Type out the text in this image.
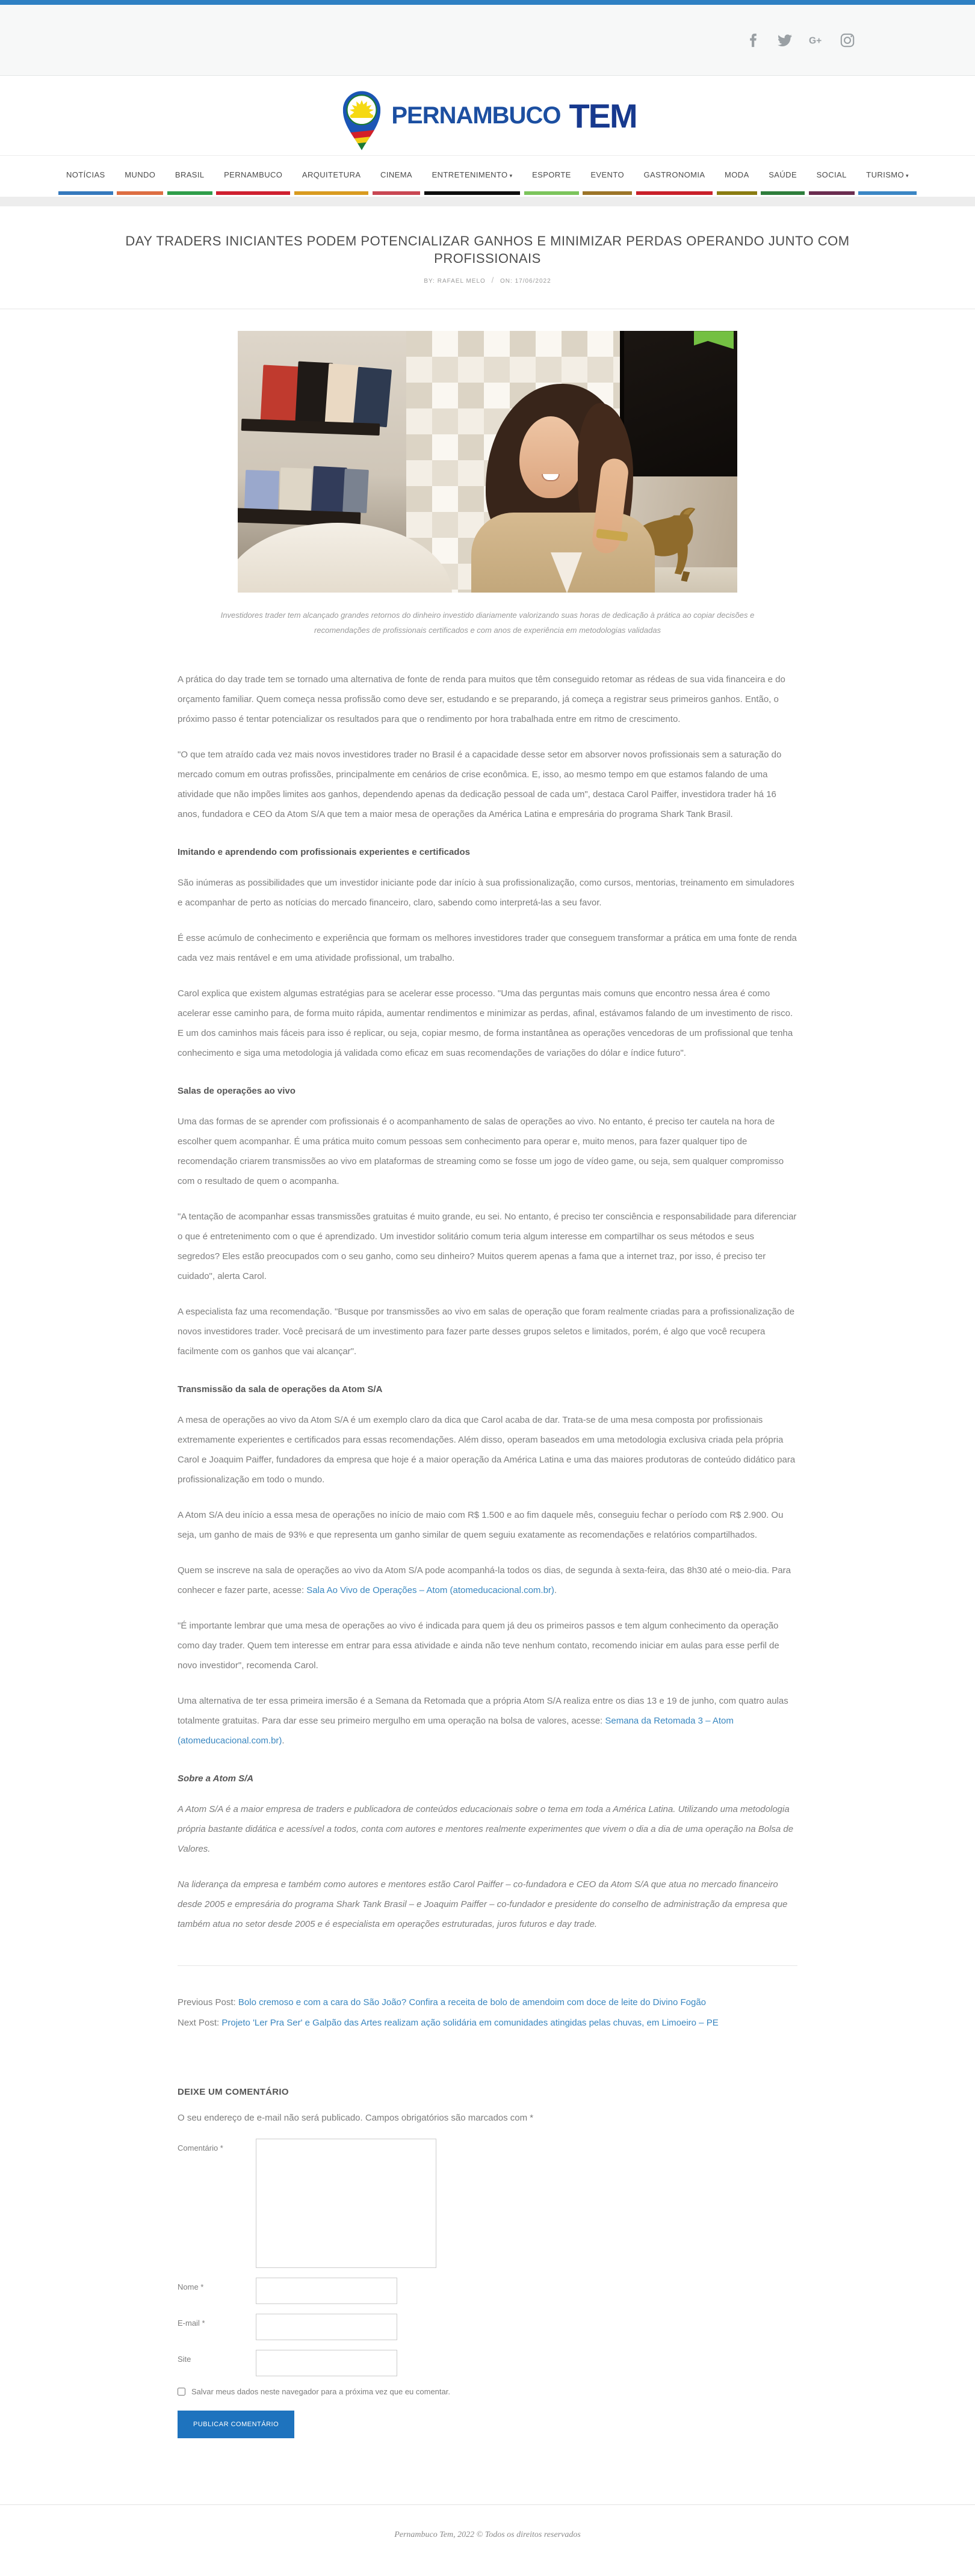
G+
PERNAMBUCO TEM
NOTÍCIAS	MUNDO	BRASIL	PERNAMBUCO	ARQUITETURA	CINEMA	ENTRETENIMENTO ▾	ESPORTE	EVENTO	GASTRONOMIA	MODA	SAÚDE	SOCIAL	TURISMO ▾
DAY TRADERS INICIANTES PODEM POTENCIALIZAR GANHOS E MINIMIZAR PERDAS OPERANDO JUNTO COM PROFISSIONAIS
BY: RAFAEL MELO / ON: 17/06/2022
Investidores trader tem alcançado grandes retornos do dinheiro investido diariamente valorizando suas horas de dedicação à prática ao copiar decisões e recomendações de profissionais certificados e com anos de experiência em metodologias validadas

A prática do day trade tem se tornado uma alternativa de fonte de renda para muitos que têm conseguido retomar as rédeas de sua vida financeira e do orçamento familiar. Quem começa nessa profissão como deve ser, estudando e se preparando, já começa a registrar seus primeiros ganhos. Então, o próximo passo é tentar potencializar os resultados para que o rendimento por hora trabalhada entre em ritmo de crescimento.

"O que tem atraído cada vez mais novos investidores trader no Brasil é a capacidade desse setor em absorver novos profissionais sem a saturação do mercado comum em outras profissões, principalmente em cenários de crise econômica. E, isso, ao mesmo tempo em que estamos falando de uma atividade que não impões limites aos ganhos, dependendo apenas da dedicação pessoal de cada um", destaca Carol Paiffer, investidora trader há 16 anos, fundadora e CEO da Atom S/A que tem a maior mesa de operações da América Latina e empresária do programa Shark Tank Brasil.

Imitando e aprendendo com profissionais experientes e certificados

São inúmeras as possibilidades que um investidor iniciante pode dar início à sua profissionalização, como cursos, mentorias, treinamento em simuladores e acompanhar de perto as notícias do mercado financeiro, claro, sabendo como interpretá-las a seu favor.

É esse acúmulo de conhecimento e experiência que formam os melhores investidores trader que conseguem transformar a prática em uma fonte de renda cada vez mais rentável e em uma atividade profissional, um trabalho.

Carol explica que existem algumas estratégias para se acelerar esse processo. "Uma das perguntas mais comuns que encontro nessa área é como acelerar esse caminho para, de forma muito rápida, aumentar rendimentos e minimizar as perdas, afinal, estávamos falando de um investimento de risco. E um dos caminhos mais fáceis para isso é replicar, ou seja, copiar mesmo, de forma instantânea as operações vencedoras de um profissional que tenha conhecimento e siga uma metodologia já validada como eficaz em suas recomendações de variações do dólar e índice futuro".

Salas de operações ao vivo

Uma das formas de se aprender com profissionais é o acompanhamento de salas de operações ao vivo. No entanto, é preciso ter cautela na hora de escolher quem acompanhar. É uma prática muito comum pessoas sem conhecimento para operar e, muito menos, para fazer qualquer tipo de recomendação criarem transmissões ao vivo em plataformas de streaming como se fosse um jogo de vídeo game, ou seja, sem qualquer compromisso com o resultado de quem o acompanha.

"A tentação de acompanhar essas transmissões gratuitas é muito grande, eu sei. No entanto, é preciso ter consciência e responsabilidade para diferenciar o que é entretenimento com o que é aprendizado. Um investidor solitário comum teria algum interesse em compartilhar os seus métodos e seus segredos? Eles estão preocupados com o seu ganho, como seu dinheiro? Muitos querem apenas a fama que a internet traz, por isso, é preciso ter cuidado", alerta Carol.

A especialista faz uma recomendação. "Busque por transmissões ao vivo em salas de operação que foram realmente criadas para a profissionalização de novos investidores trader. Você precisará de um investimento para fazer parte desses grupos seletos e limitados, porém, é algo que você recupera facilmente com os ganhos que vai alcançar".

Transmissão da sala de operações da Atom S/A

A mesa de operações ao vivo da Atom S/A é um exemplo claro da dica que Carol acaba de dar. Trata-se de uma mesa composta por profissionais extremamente experientes e certificados para essas recomendações. Além disso, operam baseados em uma metodologia exclusiva criada pela própria Carol e Joaquim Paiffer, fundadores da empresa que hoje é a maior operação da América Latina e uma das maiores produtoras de conteúdo didático para profissionalização em todo o mundo.

A Atom S/A deu início a essa mesa de operações no início de maio com R$ 1.500 e ao fim daquele mês, conseguiu fechar o período com R$ 2.900. Ou seja, um ganho de mais de 93% e que representa um ganho similar de quem seguiu exatamente as recomendações e relatórios compartilhados.

Quem se inscreve na sala de operações ao vivo da Atom S/A pode acompanhá-la todos os dias, de segunda à sexta-feira, das 8h30 até o meio-dia. Para conhecer e fazer parte, acesse: Sala Ao Vivo de Operações – Atom (atomeducacional.com.br).

"É importante lembrar que uma mesa de operações ao vivo é indicada para quem já deu os primeiros passos e tem algum conhecimento da operação como day trader. Quem tem interesse em entrar para essa atividade e ainda não teve nenhum contato, recomendo iniciar em aulas para esse perfil de novo investidor", recomenda Carol.

Uma alternativa de ter essa primeira imersão é a Semana da Retomada que a própria Atom S/A realiza entre os dias 13 e 19 de junho, com quatro aulas totalmente gratuitas. Para dar esse seu primeiro mergulho em uma operação na bolsa de valores, acesse: Semana da Retomada 3 – Atom (atomeducacional.com.br).

Sobre a Atom S/A

A Atom S/A é a maior empresa de traders e publicadora de conteúdos educacionais sobre o tema em toda a América Latina. Utilizando uma metodologia própria bastante didática e acessível a todos, conta com autores e mentores realmente experimentes que vivem o dia a dia de uma operação na Bolsa de Valores.

Na liderança da empresa e também como autores e mentores estão Carol Paiffer – co-fundadora e CEO da Atom S/A que atua no mercado financeiro desde 2005 e empresária do programa Shark Tank Brasil – e Joaquim Paiffer – co-fundador e presidente do conselho de administração da empresa que também atua no setor desde 2005 e é especialista em operações estruturadas, juros futuros e day trade.

Previous Post: Bolo cremoso e com a cara do São João? Confira a receita de bolo de amendoim com doce de leite do Divino Fogão
Next Post: Projeto 'Ler Pra Ser' e Galpão das Artes realizam ação solidária em comunidades atingidas pelas chuvas, em Limoeiro – PE
DEIXE UM COMENTÁRIO

O seu endereço de e-mail não será publicado. Campos obrigatórios são marcados com *

Comentário *
Nome *
E-mail *
Site
Salvar meus dados neste navegador para a próxima vez que eu comentar.
PUBLICAR COMENTÁRIO

Pernambuco Tem, 2022 © Todos os direitos reservados
